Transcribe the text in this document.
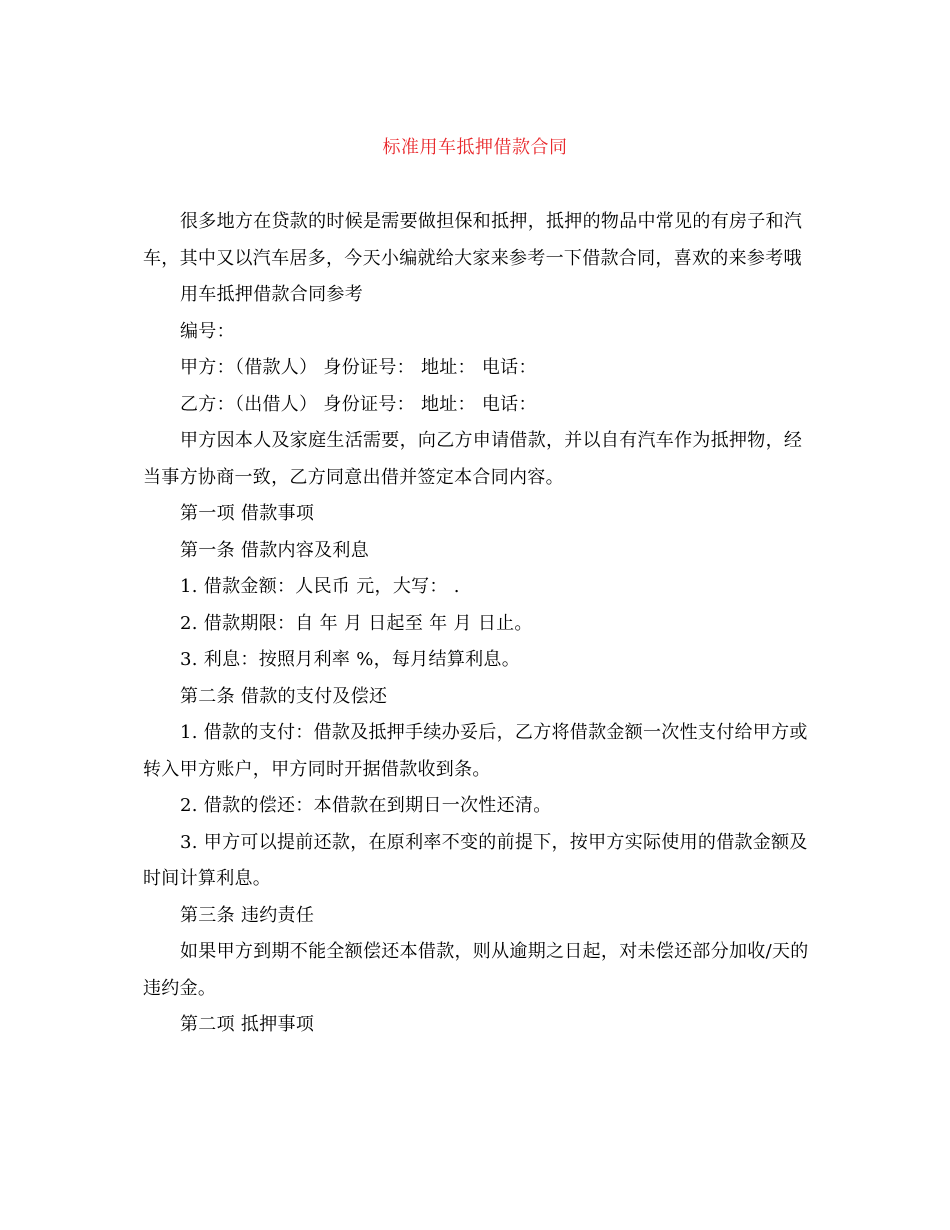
标准用车抵押借款合同

很多地方在贷款的时候是需要做担保和抵押，抵押的物品中常见的有房子和汽车，其中又以汽车居多，今天小编就给大家来参考一下借款合同，喜欢的来参考哦

用车抵押借款合同参考

编号：

甲方：（借款人） 身份证号： 地址： 电话：

乙方：（出借人） 身份证号： 地址： 电话：

甲方因本人及家庭生活需要，向乙方申请借款，并以自有汽车作为抵押物，经当事方协商一致，乙方同意出借并签定本合同内容。

第一项 借款事项

第一条 借款内容及利息

1. 借款金额：人民币 元，大写： .

2. 借款期限：自 年 月 日起至 年 月 日止。

3. 利息：按照月利率 %，每月结算利息。

第二条 借款的支付及偿还

1. 借款的支付：借款及抵押手续办妥后，乙方将借款金额一次性支付给甲方或转入甲方账户，甲方同时开据借款收到条。

2. 借款的偿还：本借款在到期日一次性还清。

3. 甲方可以提前还款，在原利率不变的前提下，按甲方实际使用的借款金额及时间计算利息。

第三条 违约责任

如果甲方到期不能全额偿还本借款，则从逾期之日起，对未偿还部分加收/天的违约金。

第二项 抵押事项
